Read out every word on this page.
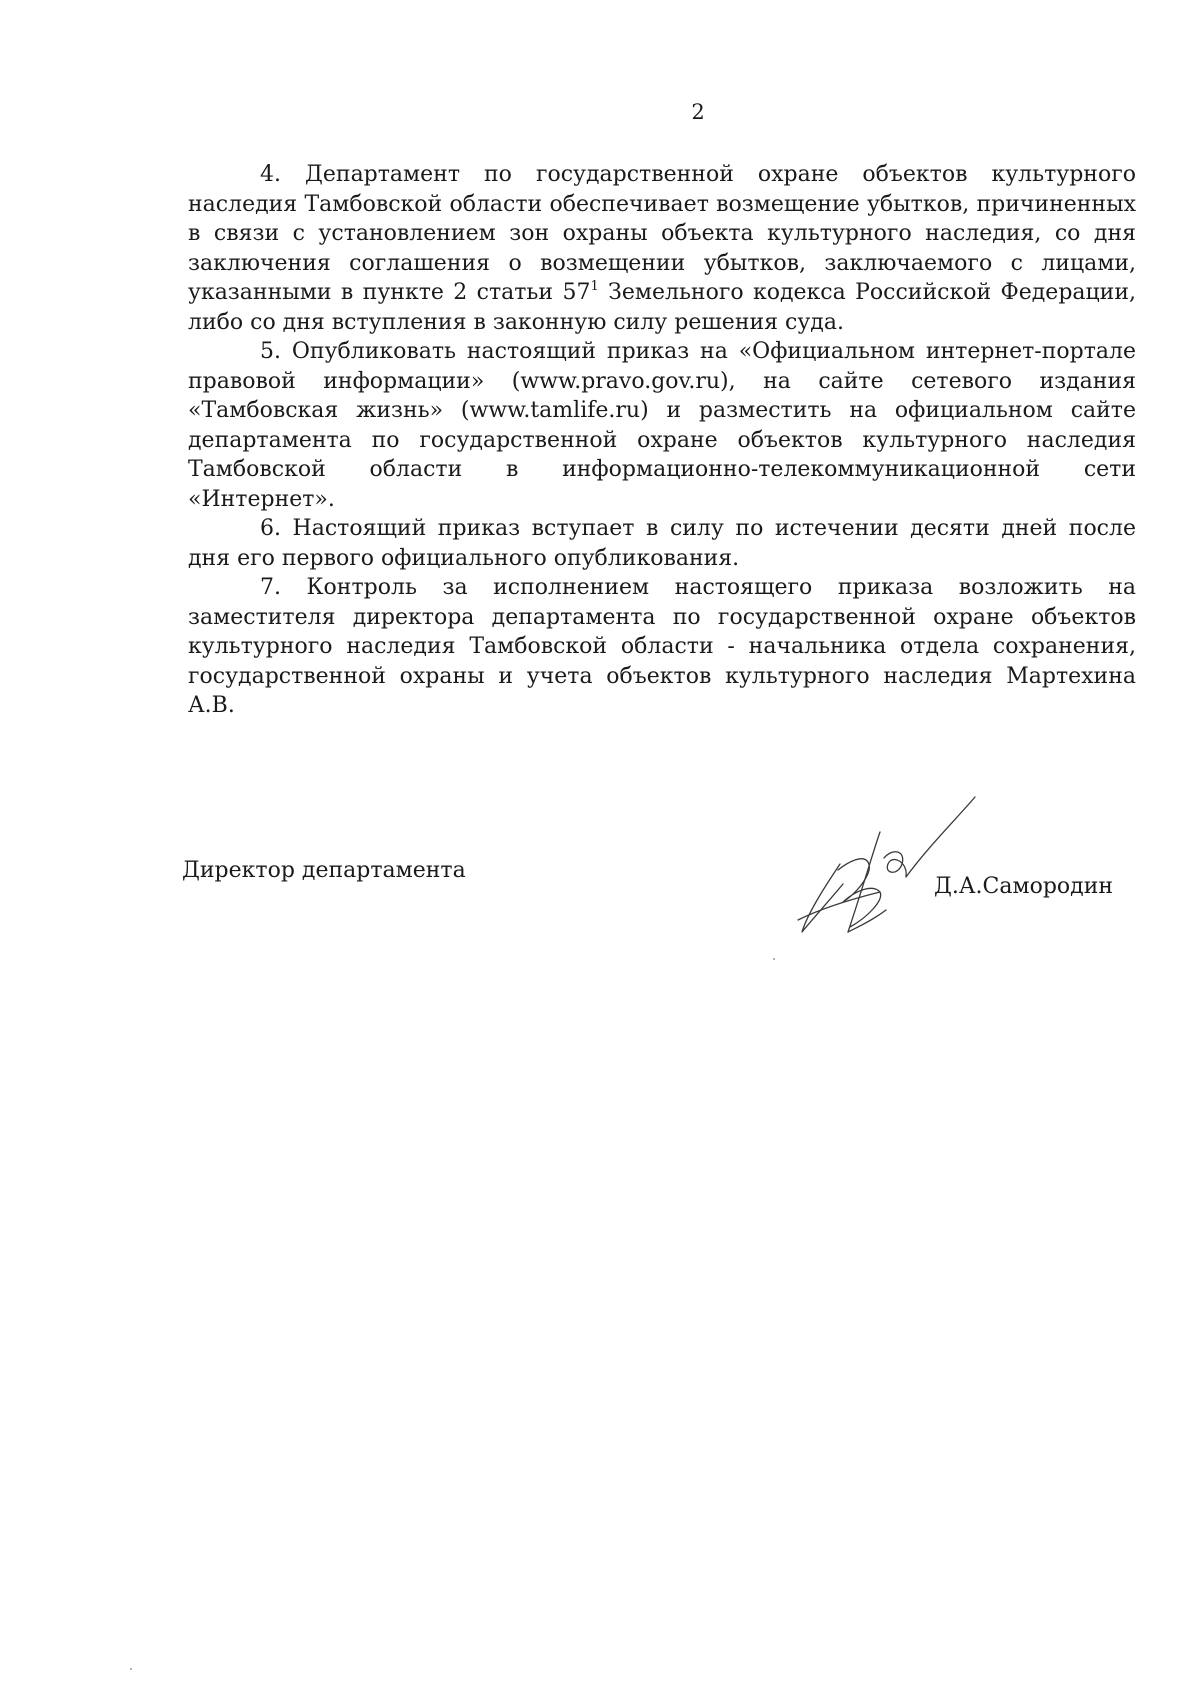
2

4. Департамент по государственной охране объектов культурного наследия Тамбовской области обеспечивает возмещение убытков, причиненных в связи с установлением зон охраны объекта культурного наследия, со дня заключения соглашения о возмещении убытков, заключаемого с лицами, указанными в пункте 2 статьи $57^1$ Земельного кодекса Российской Федерации, либо со дня вступления в законную силу решения суда.

5. Опубликовать настоящий приказ на «Официальном интернет-портале правовой информации» (www.pravo.gov.ru), на сайте сетевого издания «Тамбовская жизнь» (www.tamlife.ru) и разместить на официальном сайте департамента по государственной охране объектов культурного наследия Тамбовской области в информационно-телекоммуникационной сети «Интернет».

6. Настоящий приказ вступает в силу по истечении десяти дней после дня его первого официального опубликования.

7. Контроль за исполнением настоящего приказа возложить на заместителя директора департамента по государственной охране объектов культурного наследия Тамбовской области - начальника отдела сохранения, государственной охраны и учета объектов культурного наследия Мартехина А.В.

Директор департамента
Д.А.Самородин
